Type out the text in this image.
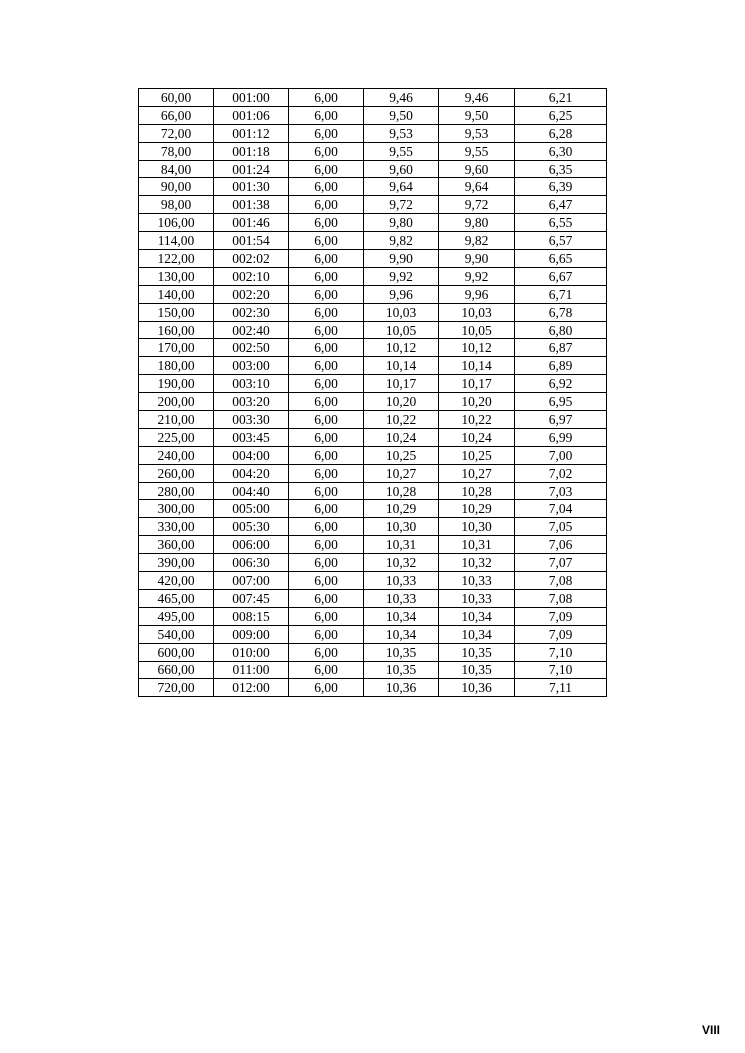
60,00	001:00	6,00	9,46	9,46	6,21
66,00	001:06	6,00	9,50	9,50	6,25
72,00	001:12	6,00	9,53	9,53	6,28
78,00	001:18	6,00	9,55	9,55	6,30
84,00	001:24	6,00	9,60	9,60	6,35
90,00	001:30	6,00	9,64	9,64	6,39
98,00	001:38	6,00	9,72	9,72	6,47
106,00	001:46	6,00	9,80	9,80	6,55
114,00	001:54	6,00	9,82	9,82	6,57
122,00	002:02	6,00	9,90	9,90	6,65
130,00	002:10	6,00	9,92	9,92	6,67
140,00	002:20	6,00	9,96	9,96	6,71
150,00	002:30	6,00	10,03	10,03	6,78
160,00	002:40	6,00	10,05	10,05	6,80
170,00	002:50	6,00	10,12	10,12	6,87
180,00	003:00	6,00	10,14	10,14	6,89
190,00	003:10	6,00	10,17	10,17	6,92
200,00	003:20	6,00	10,20	10,20	6,95
210,00	003:30	6,00	10,22	10,22	6,97
225,00	003:45	6,00	10,24	10,24	6,99
240,00	004:00	6,00	10,25	10,25	7,00
260,00	004:20	6,00	10,27	10,27	7,02
280,00	004:40	6,00	10,28	10,28	7,03
300,00	005:00	6,00	10,29	10,29	7,04
330,00	005:30	6,00	10,30	10,30	7,05
360,00	006:00	6,00	10,31	10,31	7,06
390,00	006:30	6,00	10,32	10,32	7,07
420,00	007:00	6,00	10,33	10,33	7,08
465,00	007:45	6,00	10,33	10,33	7,08
495,00	008:15	6,00	10,34	10,34	7,09
540,00	009:00	6,00	10,34	10,34	7,09
600,00	010:00	6,00	10,35	10,35	7,10
660,00	011:00	6,00	10,35	10,35	7,10
720,00	012:00	6,00	10,36	10,36	7,11
VIII
